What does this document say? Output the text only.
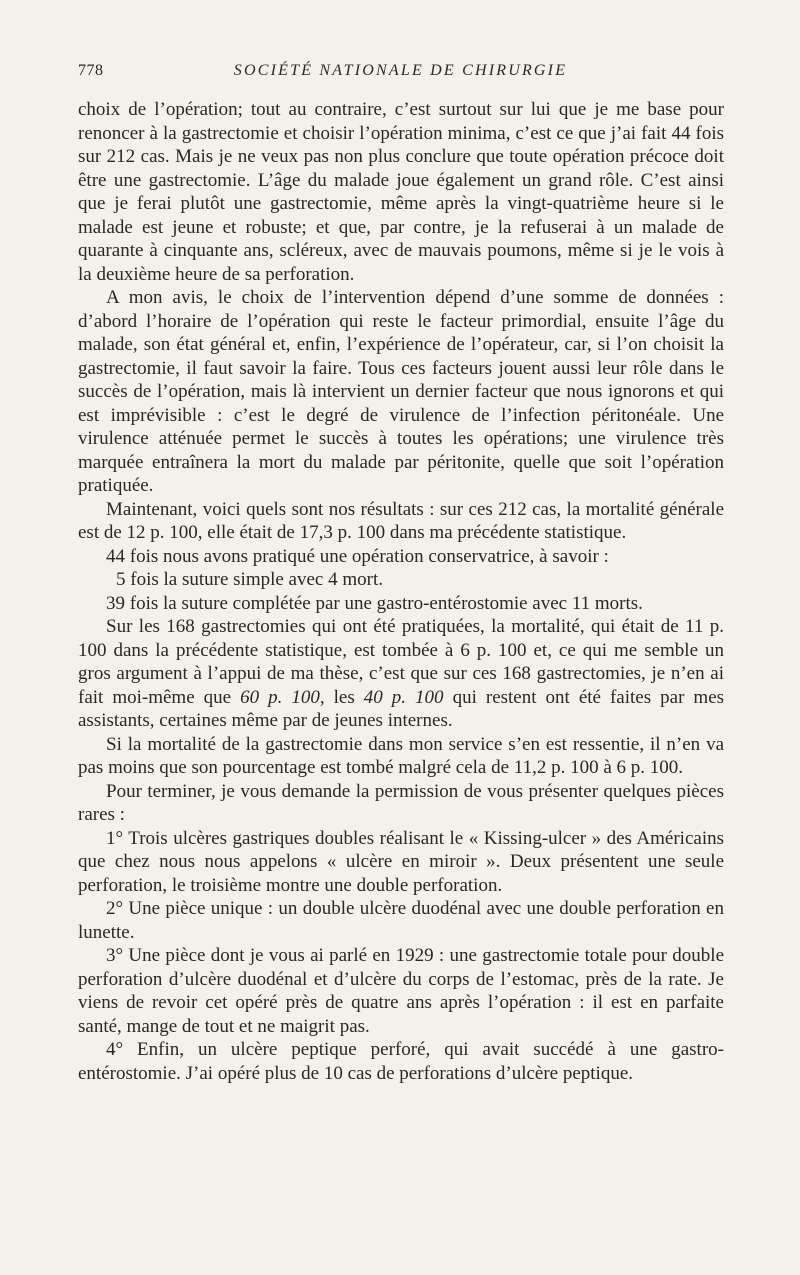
778	SOCIÉTÉ NATIONALE DE CHIRURGIE

choix de l’opération; tout au contraire, c’est surtout sur lui que je me base pour renoncer à la gastrectomie et choisir l’opération minima, c’est ce que j’ai fait 44 fois sur 212 cas. Mais je ne veux pas non plus conclure que toute opération précoce doit être une gastrectomie. L’âge du malade joue également un grand rôle. C’est ainsi que je ferai plutôt une gastrectomie, même après la vingt-quatrième heure si le malade est jeune et robuste; et que, par contre, je la refuserai à un malade de quarante à cinquante ans, scléreux, avec de mauvais poumons, même si je le vois à la deuxième heure de sa perforation.

A mon avis, le choix de l’intervention dépend d’une somme de données : d’abord l’horaire de l’opération qui reste le facteur primordial, ensuite l’âge du malade, son état général et, enfin, l’expérience de l’opérateur, car, si l’on choisit la gastrectomie, il faut savoir la faire. Tous ces facteurs jouent aussi leur rôle dans le succès de l’opération, mais là intervient un dernier facteur que nous ignorons et qui est imprévisible : c’est le degré de virulence de l’infection péritonéale. Une virulence atténuée permet le succès à toutes les opérations; une virulence très marquée entraînera la mort du malade par péritonite, quelle que soit l’opération pratiquée.

Maintenant, voici quels sont nos résultats : sur ces 212 cas, la mortalité générale est de 12 p. 100, elle était de 17,3 p. 100 dans ma précédente statistique.

44 fois nous avons pratiqué une opération conservatrice, à savoir :

5 fois la suture simple avec 4 mort.

39 fois la suture complétée par une gastro-entérostomie avec 11 morts.

Sur les 168 gastrectomies qui ont été pratiquées, la mortalité, qui était de 11 p. 100 dans la précédente statistique, est tombée à 6 p. 100 et, ce qui me semble un gros argument à l’appui de ma thèse, c’est que sur ces 168 gastrectomies, je n’en ai fait moi-même que 60 p. 100, les 40 p. 100 qui restent ont été faites par mes assistants, certaines même par de jeunes internes.

Si la mortalité de la gastrectomie dans mon service s’en est ressentie, il n’en va pas moins que son pourcentage est tombé malgré cela de 11,2 p. 100 à 6 p. 100.

Pour terminer, je vous demande la permission de vous présenter quelques pièces rares :

1° Trois ulcères gastriques doubles réalisant le « Kissing-ulcer » des Américains que chez nous nous appelons « ulcère en miroir ». Deux présentent une seule perforation, le troisième montre une double perforation.

2° Une pièce unique : un double ulcère duodénal avec une double perforation en lunette.

3° Une pièce dont je vous ai parlé en 1929 : une gastrectomie totale pour double perforation d’ulcère duodénal et d’ulcère du corps de l’estomac, près de la rate. Je viens de revoir cet opéré près de quatre ans après l’opération : il est en parfaite santé, mange de tout et ne maigrit pas.

4° Enfin, un ulcère peptique perforé, qui avait succédé à une gastro-entérostomie. J’ai opéré plus de 10 cas de perforations d’ulcère peptique.
